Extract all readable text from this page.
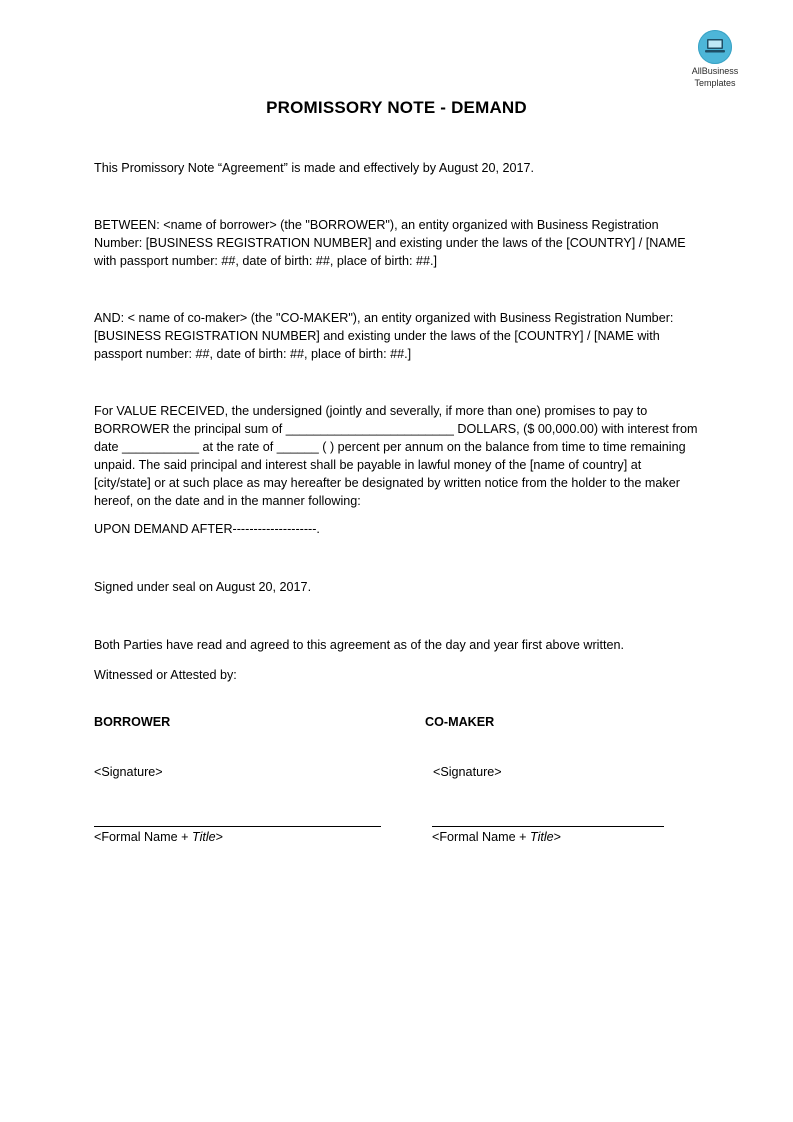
AllBusiness
Templates
PROMISSORY NOTE - DEMAND

This Promissory Note “Agreement” is made and effectively by August 20, 2017.

BETWEEN: <name of borrower> (the "BORROWER"), an entity organized with Business Registration Number: [BUSINESS REGISTRATION NUMBER] and existing under the laws of the [COUNTRY] / [NAME with passport number: ##, date of birth: ##, place of birth: ##.]

AND: < name of co-maker> (the "CO-MAKER"), an entity organized with Business Registration Number: [BUSINESS REGISTRATION NUMBER] and existing under the laws of the [COUNTRY] / [NAME with passport number: ##, date of birth: ##, place of birth: ##.]

For VALUE RECEIVED, the undersigned (jointly and severally, if more than one) promises to pay to BORROWER the principal sum of ________________________ DOLLARS, ($ 00,000.00) with interest from date ___________ at the rate of ______ ( ) percent per annum on the balance from time to time remaining unpaid. The said principal and interest shall be payable in lawful money of the [name of country] at [city/state] or at such place as may hereafter be designated by written notice from the holder to the maker hereof, on the date and in the manner following:

UPON DEMAND AFTER--------------------.

Signed under seal on August 20, 2017.

Both Parties have read and agreed to this agreement as of the day and year first above written.

Witnessed or Attested by:

BORROWER
<Signature>
<Formal Name + Title>
CO-MAKER
<Signature>
<Formal Name + Title>
